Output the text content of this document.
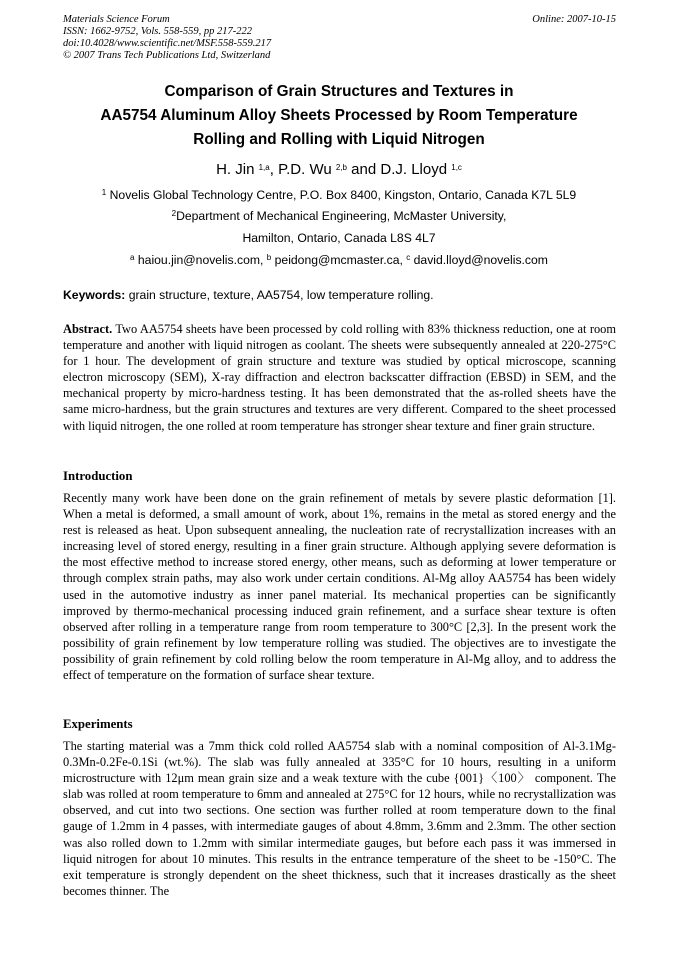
Materials Science Forum
ISSN: 1662-9752, Vols. 558-559, pp 217-222
doi:10.4028/www.scientific.net/MSF.558-559.217
© 2007 Trans Tech Publications Ltd, Switzerland
Online: 2007-10-15
Comparison of Grain Structures and Textures in
AA5754 Aluminum Alloy Sheets Processed by Room Temperature
Rolling and Rolling with Liquid Nitrogen
H. Jin $^{1,a}$, P.D. Wu $^{2,b}$ and D.J. Lloyd $^{1,c}$
$^1$ Novelis Global Technology Centre, P.O. Box 8400, Kingston, Ontario, Canada K7L 5L9
$^2$Department of Mechanical Engineering, McMaster University,
Hamilton, Ontario, Canada L8S 4L7
$^a$ haiou.jin@novelis.com, $^b$ peidong@mcmaster.ca, $^c$ david.lloyd@novelis.com
Keywords: grain structure, texture, AA5754, low temperature rolling.
Abstract. Two AA5754 sheets have been processed by cold rolling with 83% thickness reduction, one at room temperature and another with liquid nitrogen as coolant. The sheets were subsequently annealed at 220-275°C for 1 hour. The development of grain structure and texture was studied by optical microscope, scanning electron microscopy (SEM), X-ray diffraction and electron backscatter diffraction (EBSD) in SEM, and the mechanical property by micro-hardness testing. It has been demonstrated that the as-rolled sheets have the same micro-hardness, but the grain structures and textures are very different. Compared to the sheet processed with liquid nitrogen, the one rolled at room temperature has stronger shear texture and finer grain structure.
Introduction
Recently many work have been done on the grain refinement of metals by severe plastic deformation [1]. When a metal is deformed, a small amount of work, about 1%, remains in the metal as stored energy and the rest is released as heat. Upon subsequent annealing, the nucleation rate of recrystallization increases with an increasing level of stored energy, resulting in a finer grain structure. Although applying severe deformation is the most effective method to increase stored energy, other means, such as deforming at lower temperature or through complex strain paths, may also work under certain conditions. Al-Mg alloy AA5754 has been widely used in the automotive industry as inner panel material. Its mechanical properties can be significantly improved by thermo-mechanical processing induced grain refinement, and a surface shear texture is often observed after rolling in a temperature range from room temperature to 300°C [2,3]. In the present work the possibility of grain refinement by low temperature rolling was studied. The objectives are to investigate the possibility of grain refinement by cold rolling below the room temperature in Al-Mg alloy, and to address the effect of temperature on the formation of surface shear texture.
Experiments
The starting material was a 7mm thick cold rolled AA5754 slab with a nominal composition of Al-3.1Mg-0.3Mn-0.2Fe-0.1Si (wt.%). The slab was fully annealed at 335°C for 10 hours, resulting in a uniform microstructure with 12μm mean grain size and a weak texture with the cube {001}〈100〉 component. The slab was rolled at room temperature to 6mm and annealed at 275°C for 12 hours, while no recrystallization was observed, and cut into two sections. One section was further rolled at room temperature down to the final gauge of 1.2mm in 4 passes, with intermediate gauges of about 4.8mm, 3.6mm and 2.3mm. The other section was also rolled down to 1.2mm with similar intermediate gauges, but before each pass it was immersed in liquid nitrogen for about 10 minutes. This results in the entrance temperature of the sheet to be -150°C. The exit temperature is strongly dependent on the sheet thickness, such that it increases drastically as the sheet becomes thinner. The
